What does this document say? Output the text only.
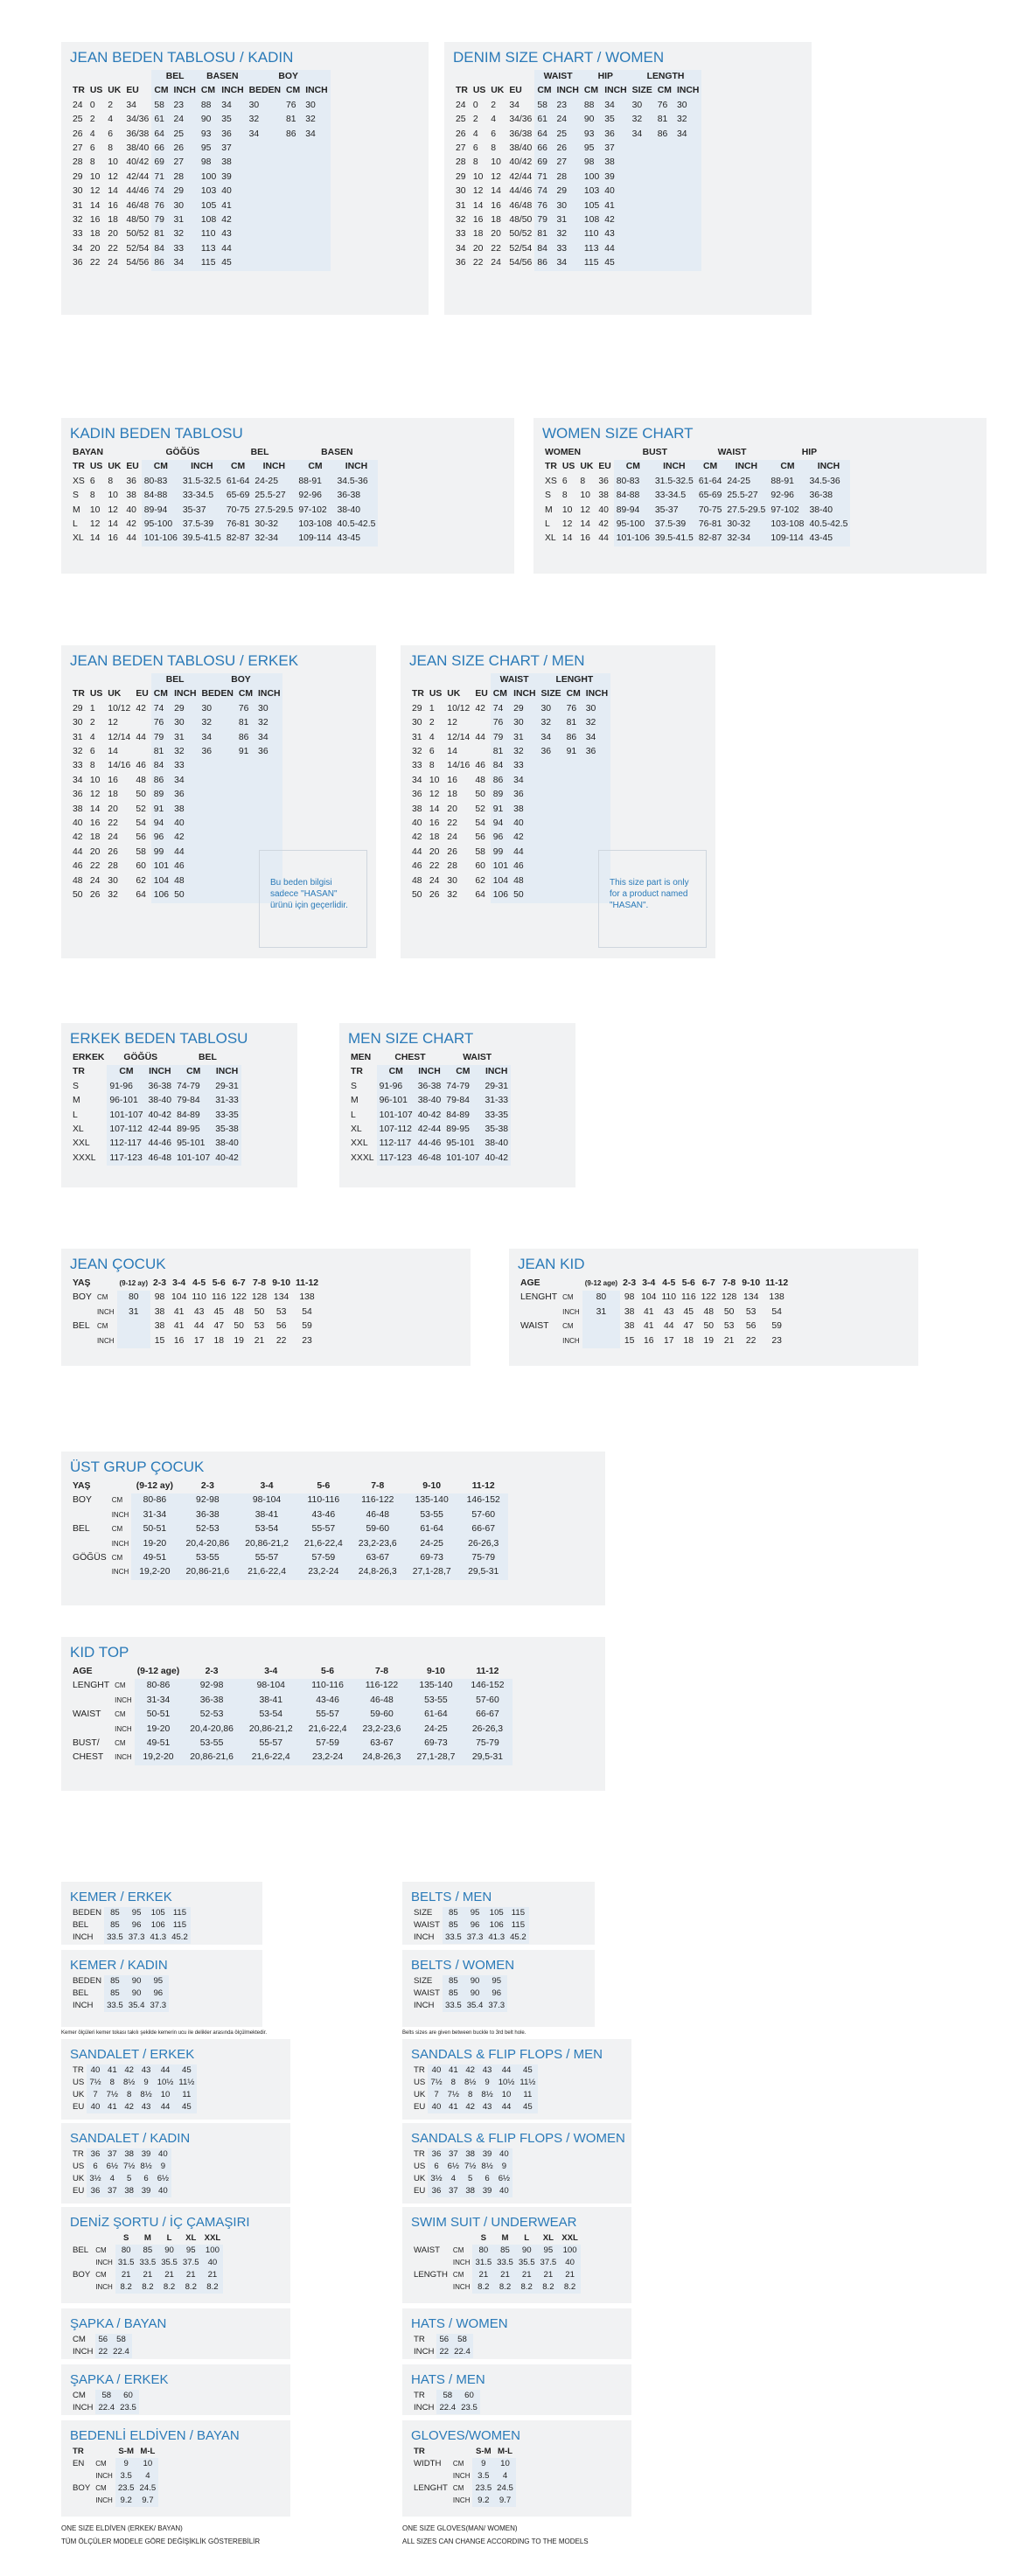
JEAN BEDEN TABLOSU / KADIN
				BEL		BASEN		BOY		
TR	US	UK	EU	CM	INCH	CM	INCH	BEDEN	CM	INCH
24	0	2	34	58	23	88	34	30	76	30
25	2	4	34/36	61	24	90	35	32	81	32
26	4	6	36/38	64	25	93	36	34	86	34
27	6	8	38/40	66	26	95	37			
28	8	10	40/42	69	27	98	38			
29	10	12	42/44	71	28	100	39			
30	12	14	44/46	74	29	103	40			
31	14	16	46/48	76	30	105	41			
32	16	18	48/50	79	31	108	42			
33	18	20	50/52	81	32	110	43			
34	20	22	52/54	84	33	113	44			
36	22	24	54/56	86	34	115	45			
DENIM SIZE CHART / WOMEN
				WAIST		HIP		LENGTH		
TR	US	UK	EU	CM	INCH	CM	INCH	SIZE	CM	INCH
24	0	2	34	58	23	88	34	30	76	30
25	2	4	34/36	61	24	90	35	32	81	32
26	4	6	36/38	64	25	93	36	34	86	34
27	6	8	38/40	66	26	95	37			
28	8	10	40/42	69	27	98	38			
29	10	12	42/44	71	28	100	39			
30	12	14	44/46	74	29	103	40			
31	14	16	46/48	76	30	105	41			
32	16	18	48/50	79	31	108	42			
33	18	20	50/52	81	32	110	43			
34	20	22	52/54	84	33	113	44			
36	22	24	54/56	86	34	115	45			
KADIN BEDEN TABLOSU
BAYAN				GÖĞÜS		BEL		BASEN	
TR	US	UK	EU	CM	INCH	CM	INCH	CM	INCH
XS	6	8	36	80-83	31.5-32.5	61-64	24-25	88-91	34.5-36
S	8	10	38	84-88	33-34.5	65-69	25.5-27	92-96	36-38
M	10	12	40	89-94	35-37	70-75	27.5-29.5	97-102	38-40
L	12	14	42	95-100	37.5-39	76-81	30-32	103-108	40.5-42.5
XL	14	16	44	101-106	39.5-41.5	82-87	32-34	109-114	43-45
WOMEN SIZE CHART
WOMEN				BUST		WAIST		HIP	
TR	US	UK	EU	CM	INCH	CM	INCH	CM	INCH
XS	6	8	36	80-83	31.5-32.5	61-64	24-25	88-91	34.5-36
S	8	10	38	84-88	33-34.5	65-69	25.5-27	92-96	36-38
M	10	12	40	89-94	35-37	70-75	27.5-29.5	97-102	38-40
L	12	14	42	95-100	37.5-39	76-81	30-32	103-108	40.5-42.5
XL	14	16	44	101-106	39.5-41.5	82-87	32-34	109-114	43-45
JEAN BEDEN TABLOSU / ERKEK
				BEL		BOY		
TR	US	UK	EU	CM	INCH	BEDEN	CM	INCH
29	1	10/12	42	74	29	30	76	30
30	2	12	44	76	30	32	81	32
31	4	12/14		79	31	34	86	34
32	6	14		81	32	36	91	36
33	8	14/16	46	84	33			
34	10	16	48	86	34			
36	12	18	50	89	36			
38	14	20	52	91	38			
40	16	22	54	94	40			
42	18	24	56	96	42			
44	20	26	58	99	44			
46	22	28	60	101	46			
48	24	30	62	104	48			
50	26	32	64	106	50			
Bu beden bilgisi sadece "HASAN" ürünü için geçerlidir.
JEAN SIZE CHART / MEN
				WAIST		LENGHT		
TR	US	UK	EU	CM	INCH	SIZE	CM	INCH
29	1	10/12	42	74	29	30	76	30
30	2	12	44	76	30	32	81	32
31	4	12/14		79	31	34	86	34
32	6	14		81	32	36	91	36
33	8	14/16	46	84	33			
34	10	16	48	86	34			
36	12	18	50	89	36			
38	14	20	52	91	38			
40	16	22	54	94	40			
42	18	24	56	96	42			
44	20	26	58	99	44			
46	22	28	60	101	46			
48	24	30	62	104	48			
50	26	32	64	106	50			
This size part is only for a product named "HASAN".
ERKEK BEDEN TABLOSU
ERKEK	GÖĞÜS		BEL	
TR	CM	INCH	CM	INCH
S	91-96	36-38	74-79	29-31
M	96-101	38-40	79-84	31-33
L	101-107	40-42	84-89	33-35
XL	107-112	42-44	89-95	35-38
XXL	112-117	44-46	95-101	38-40
XXXL	117-123	46-48	101-107	40-42
MEN SIZE CHART
MEN	CHEST		WAIST	
TR	CM	INCH	CM	INCH
S	91-96	36-38	74-79	29-31
M	96-101	38-40	79-84	31-33
L	101-107	40-42	84-89	33-35
XL	107-112	42-44	89-95	35-38
XXL	112-117	44-46	95-101	38-40
XXXL	117-123	46-48	101-107	40-42
JEAN ÇOCUK
YAŞ		(9-12 ay)	2-3	3-4	4-5	5-6	6-7	7-8	9-10	11-12
BOY	CM	80	98	104	110	116	122	128	134	138
	INCH	31	38	41	43	45	48	50	53	54
BEL	CM		38	41	44	47	50	53	56	59
	INCH		15	16	17	18	19	21	22	23
JEAN KID
AGE		(9-12 age)	2-3	3-4	4-5	5-6	6-7	7-8	9-10	11-12
LENGHT	CM	80	98	104	110	116	122	128	134	138
	INCH	31	38	41	43	45	48	50	53	54
WAIST	CM		38	41	44	47	50	53	56	59
	INCH		15	16	17	18	19	21	22	23
ÜST GRUP ÇOCUK
YAŞ		(9-12 ay)	2-3	3-4	5-6	7-8	9-10	11-12
BOY	CM	80-86	92-98	98-104	110-116	116-122	135-140	146-152
	INCH	31-34	36-38	38-41	43-46	46-48	53-55	57-60
BEL	CM	50-51	52-53	53-54	55-57	59-60	61-64	66-67
	INCH	19-20	20,4-20,86	20,86-21,2	21,6-22,4	23,2-23,6	24-25	26-26,3
GÖĞÜS	CM	49-51	53-55	55-57	57-59	63-67	69-73	75-79
	INCH	19,2-20	20,86-21,6	21,6-22,4	23,2-24	24,8-26,3	27,1-28,7	29,5-31
KID TOP
AGE		(9-12 age)	2-3	3-4	5-6	7-8	9-10	11-12
LENGHT	CM	80-86	92-98	98-104	110-116	116-122	135-140	146-152
	INCH	31-34	36-38	38-41	43-46	46-48	53-55	57-60
WAIST	CM	50-51	52-53	53-54	55-57	59-60	61-64	66-67
	INCH	19-20	20,4-20,86	20,86-21,2	21,6-22,4	23,2-23,6	24-25	26-26,3
BUST/	CM	49-51	53-55	55-57	57-59	63-67	69-73	75-79
CHEST	INCH	19,2-20	20,86-21,6	21,6-22,4	23,2-24	24,8-26,3	27,1-28,7	29,5-31
KEMER / ERKEK
BEDEN	85	95	105	115
BEL	85	96	106	115
INCH	33.5	37.3	41.3	45.2
KEMER / KADIN
BEDEN	85	90	95
BEL	85	90	96
INCH	33.5	35.4	37.3
Kemer ölçüleri kemer tokası takılı şekilde kemerin ucu ile delikler arasında ölçülmektedir.
SANDALET / ERKEK
TR	40	41	42	43	44	45
US	7½	8	8½	9	10½	11½
UK	7	7½	8	8½	10	11
EU	40	41	42	43	44	45
SANDALET / KADIN
TR	36	37	38	39	40
US	6	6½	7½	8½	9
UK	3½	4	5	6	6½
EU	36	37	38	39	40
DENİZ ŞORTU / İÇ ÇAMAŞIRI
		S	M	L	XL	XXL
BEL	CM	80	85	90	95	100
	INCH	31.5	33.5	35.5	37.5	40
BOY	CM	21	21	21	21	21
	INCH	8.2	8.2	8.2	8.2	8.2
ŞAPKA / BAYAN
CM	56	58
INCH	22	22.4
ŞAPKA / ERKEK
CM	58	60
INCH	22.4	23.5
BEDENLİ ELDİVEN / BAYAN
TR		S-M	M-L
EN	CM	9	10
	INCH	3.5	4
BOY	CM	23.5	24.5
	INCH	9.2	9.7
ONE SIZE ELDİVEN (ERKEK/ BAYAN)
TÜM ÖLÇÜLER MODELE GÖRE DEĞİŞİKLİK GÖSTEREBİLİR
BELTS / MEN
SIZE	85	95	105	115
WAIST	85	96	106	115
INCH	33.5	37.3	41.3	45.2
BELTS / WOMEN
SIZE	85	90	95
WAIST	85	90	96
INCH	33.5	35.4	37.3
Belts sizes are given between buckle to 3rd belt hole.
SANDALS & FLIP FLOPS / MEN
TR	40	41	42	43	44	45
US	7½	8	8½	9	10½	11½
UK	7	7½	8	8½	10	11
EU	40	41	42	43	44	45
SANDALS & FLIP FLOPS / WOMEN
TR	36	37	38	39	40
US	6	6½	7½	8½	9
UK	3½	4	5	6	6½
EU	36	37	38	39	40
SWIM SUIT / UNDERWEAR
		S	M	L	XL	XXL
WAIST	CM	80	85	90	95	100
	INCH	31.5	33.5	35.5	37.5	40
LENGTH	CM	21	21	21	21	21
	INCH	8.2	8.2	8.2	8.2	8.2
HATS / WOMEN
TR	56	58
INCH	22	22.4
HATS / MEN
TR	58	60
INCH	22.4	23.5
GLOVES/WOMEN
TR		S-M	M-L
WIDTH	CM	9	10
	INCH	3.5	4
LENGHT	CM	23.5	24.5
	INCH	9.2	9.7
ONE SIZE GLOVES(MAN/ WOMEN)
ALL SIZES CAN CHANGE ACCORDING TO THE MODELS
